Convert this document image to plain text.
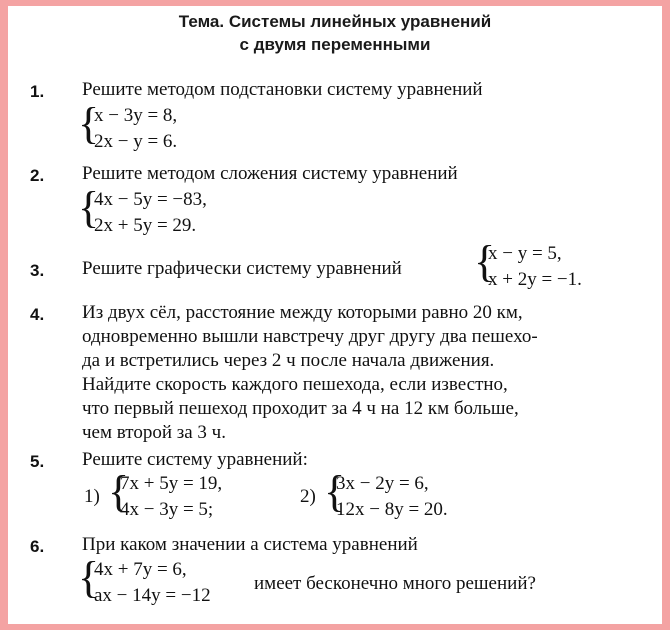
Тема. Системы линейных уравнений
с двумя переменными
1.	Решите методом подстановки систему уравнений
{
x − 3y = 8,
2x − y = 6.
2.	Решите методом сложения систему уравнений
{
4x − 5y = −83,
2x + 5y = 29.
3.	Решите графически систему уравнений {
x − y = 5,
x + 2y = −1.
4.	Из двух сёл, расстояние между которыми равно 20 км,
одновременно вышли навстречу друг другу два пешехо-
да и встретились через 2 ч после начала движения.
Найдите скорость каждого пешехода, если известно,
что первый пешеход проходит за 4 ч на 12 км больше,
чем второй за 3 ч.
5.	Решите систему уравнений:
1) {
7x + 5y = 19,
4x − 3y = 5;
2) {
3x − 2y = 6,
12x − 8y = 20.
6.	При каком значении a система уравнений
{
4x + 7y = 6,
ax − 14y = −12
имеет бесконечно много решений?
